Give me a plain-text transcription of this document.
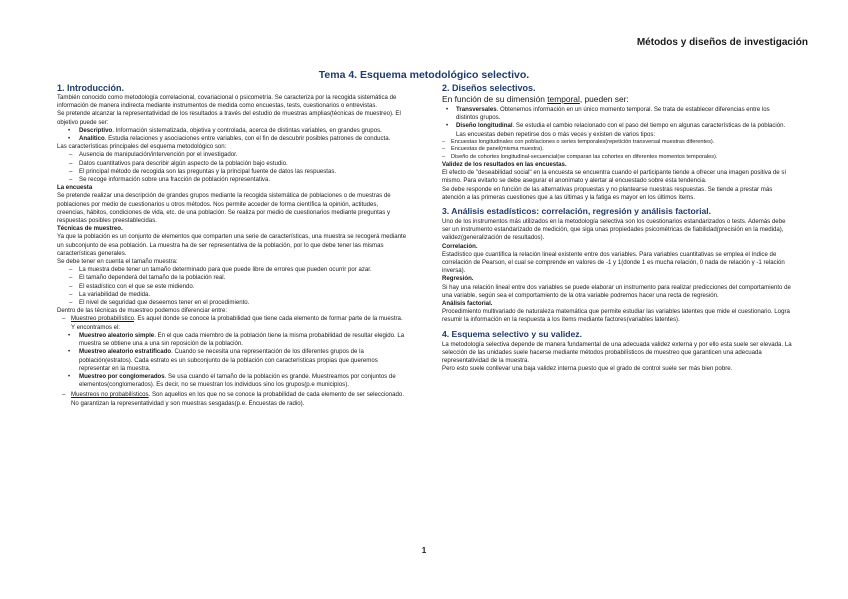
Métodos y diseños de investigación
Tema 4. Esquema metodológico selectivo.
1. Introducción.

También conocido como metodología correlacional, covariacional o psicometría. Se caracteriza por la recogida sistemática de información de manera indirecta mediante instrumentos de medida como encuestas, tests, cuestionarios o entrevistas.

Se pretende alcanzar la representatividad de los resultados a través del estudio de muestras amplias(técnicas de muestreo). El objetivo puede ser:

• Descriptivo. Información sistematizada, objetiva y controlada, acerca de distintas variables, en grandes grupos.
• Analítico. Estudia relaciones y asociaciones entre variables, con el fin de descubrir posibles patrones de conducta.

Las características principales del esquema metodológico son:

– Ausencia de manipulación/intervención por el investigador.
– Datos cuantitativos para describir algún aspecto de la población bajo estudio.
– El principal método de recogida son las preguntas y la principal fuente de datos las respuestas.
– Se recoge información sobre una fracción de población representativa.

La encuesta

Se pretende realizar una descripción de grandes grupos mediante la recogida sistemática de poblaciones o de muestras de poblaciones por medio de cuestionarios u otros métodos. Nos permite acceder de forma científica la opinión, actitudes, creencias, hábitos, condiciones de vida, etc. de una población. Se realiza por medio de cuestionarios mediante preguntas y respuestas posibles preestablecidas.

Técnicas de muestreo.

Ya que la población es un conjunto de elementos que comparten una serie de características, una muestra se recogerá mediante un subconjunto de esa población. La muestra ha de ser representativa de la población, por lo que debe tener las mismas características generales.

Se debe tener en cuenta el tamaño muestra:

– La muestra debe tener un tamaño determinado para que puede libre de errores que pueden ocurrir por azar.
– El tamaño dependerá del tamaño de la población real.
– El estadístico con el que se este midiendo.
– La variabilidad de medida.
– El nivel de seguridad que deseemos tener en el procedimiento.

Dentro de las técnicas de muestreo podemos diferenciar entre:

– Muestreo probabilístico. Es aquel donde se conoce la probabilidad que tiene cada elemento de formar parte de la muestra. Y encontramos el:
• Muestreo aleatorio simple. En el que cada miembro de la población tiene la misma probabilidad de resultar elegido. La muestra se obtiene una a una sin reposición de la población.
• Muestreo aleatorio estratificado. Cuando se necesita una representación de los diferentes grupos de la población(estratos). Cada estrato es un subconjunto de la población con características propias que queremos representar en la muestra.
• Muestreo por conglomerados. Se usa cuando el tamaño de la población es grande. Muestreamos por conjuntos de elementos(conglomerados). Es decir, no se muestran los individuos sino los grupos(p.e municipios).
– Muestreos no probabilísticos. Son aquellos en los que no se conoce la probabilidad de cada elemento de ser seleccionado. No garantizan la representatividad y son muestras sesgadas(p.e. Encuestas de radio).
2. Diseños selectivos.
En función de su dimensión temporal, pueden ser:
• Transversales. Obtenemos información en un único momento temporal. Se trata de establecer diferencias entre los distintos grupos.
• Diseño longitudinal. Se estudia el cambio relacionado con el paso del tiempo en algunas características de la población. Las encuestas deben repetirse dos o más veces y existen de varios tipos:
– Encuestas longitudinales con poblaciones o series temporales(repetición transversal muestras diferentes).
– Encuestas de panel(misma muestra).
– Diseño de cohortes longitudinal-secuencial(se comparan las cohortes en diferentes momentos temporales).

Validez de los resultados en las encuestas.

El efecto de "deseabilidad social" en la encuesta se encuentra cuando el participante tiende a ofrecer una imagen positiva de sí mismo. Para evitarlo se debe asegurar el anonimato y alertar al encuestado sobre esta tendencia.

Se debe responde en función de las alternativas propuestas y no plantearse nuestras respuestas. Se tiende a prestar más atención a las primeras cuestiones que a las últimas y la fatiga es mayor en los últimos ítems.

3. Análisis estadísticos: correlación, regresión y análisis factorial.

Uno de los instrumentos más utilizados en la metodología selectiva son los cuestionarios estandarizados o tests. Además debe ser un instrumento estandarizado de medición, que siga unas propiedades psicométricas de fiabilidad(precisión en la medida), validez(generalización de resultados).

Correlación.

Estadístico que cuantifica la relación lineal existente entre dos variables. Para variables cuantitativas se emplea el índice de correlación de Pearson, el cual se comprende en valores de -1 y 1(donde 1 es mucha relación, 0 nada de relación y -1 relación inversa).

Regresión.

Si hay una relación lineal entre dos variables se puede elaborar un instrumento para realizar predicciones del comportamiento de una variable, según sea el comportamiento de la otra variable podremos hacer una recta de regresión.

Análisis factorial.

Procedimiento multivariado de naturaleza matemática que permite estudiar las variables latentes que mide el cuestionario. Logra resumir la información en la respuesta a los ítems mediante factores(variables latentes).

4. Esquema selectivo y su validez.

La metodología selectiva depende de manera fundamental de una adecuada validez externa y por ello esta suele ser elevada. La selección de las unidades suele hacerse mediante métodos probabilísticos de muestreo que garanticen una adecuada representatividad de la muestra.

Pero esto suele conllevar una baja validez interna puesto que el grado de control suele ser más bien pobre.

1
